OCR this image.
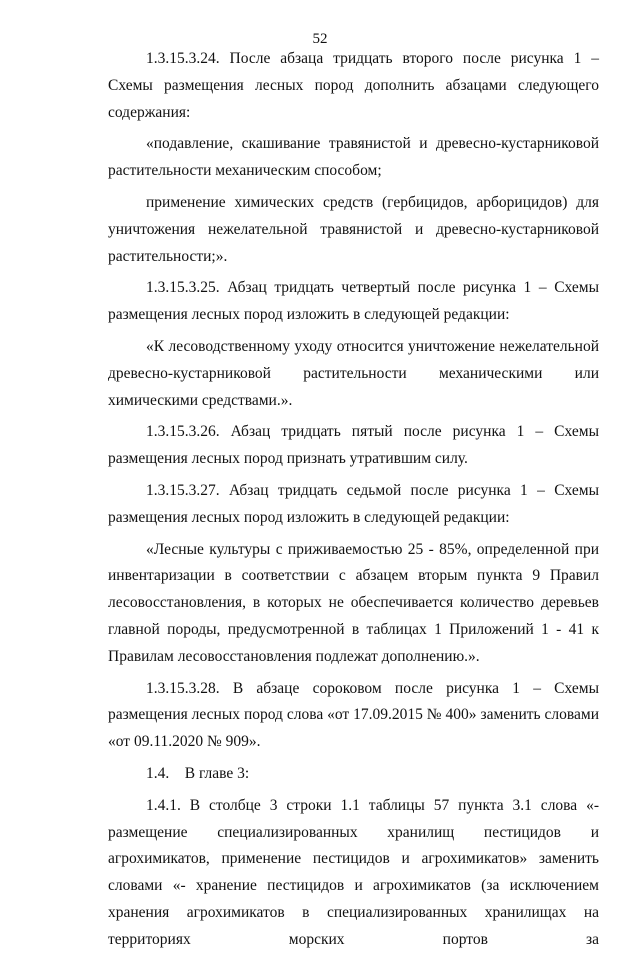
52

1.3.15.3.24. После абзаца тридцать второго после рисунка 1 – Схемы размещения лесных пород дополнить абзацами следующего содержания:

«подавление, скашивание травянистой и древесно-кустарниковой растительности механическим способом;

применение химических средств (гербицидов, арборицидов) для уничтожения нежелательной травянистой и древесно-кустарниковой растительности;».

1.3.15.3.25. Абзац тридцать четвертый после рисунка 1 – Схемы размещения лесных пород изложить в следующей редакции:

«К лесоводственному уходу относится уничтожение нежелательной древесно-кустарниковой растительности механическими или химическими средствами.».

1.3.15.3.26. Абзац тридцать пятый после рисунка 1 – Схемы размещения лесных пород признать утратившим силу.

1.3.15.3.27. Абзац тридцать седьмой после рисунка 1 – Схемы размещения лесных пород изложить в следующей редакции:

«Лесные культуры с приживаемостью 25 - 85%, определенной при инвентаризации в соответствии с абзацем вторым пункта 9 Правил лесовосстановления, в которых не обеспечивается количество деревьев главной породы, предусмотренной в таблицах 1 Приложений 1 - 41 к Правилам лесовосстановления подлежат дополнению.».

1.3.15.3.28. В абзаце сороковом после рисунка 1 – Схемы размещения лесных пород слова «от 17.09.2015 № 400» заменить словами «от 09.11.2020 № 909».

1.4.    В главе 3:

1.4.1. В столбце 3 строки 1.1 таблицы 57 пункта 3.1 слова «- размещение специализированных хранилищ пестицидов и агрохимикатов, применение пестицидов и агрохимикатов» заменить словами «- хранение пестицидов и агрохимикатов (за исключением хранения агрохимикатов в специализированных хранилищах на территориях морских портов за
